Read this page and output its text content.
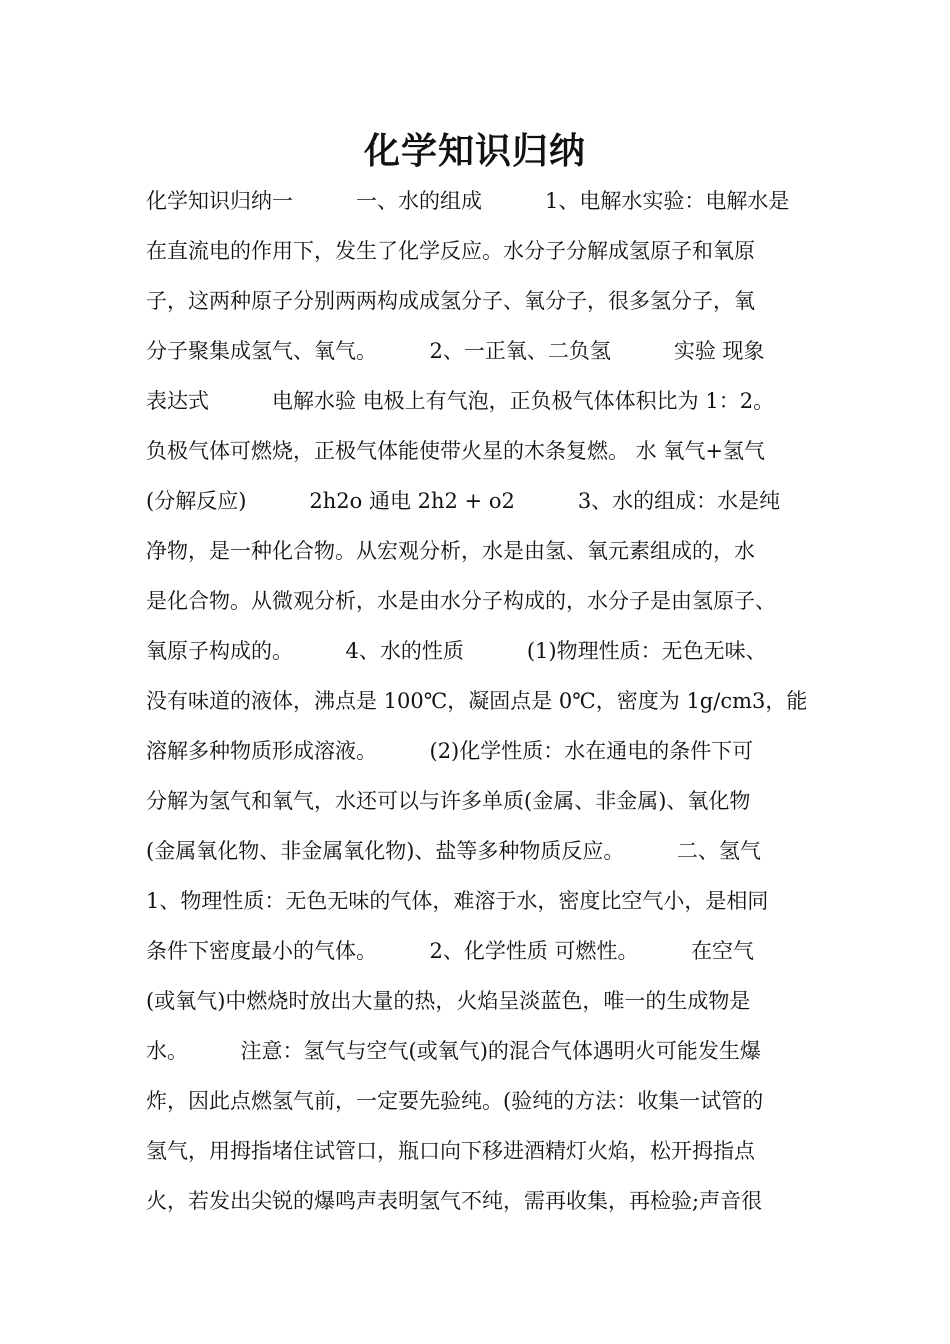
化学知识归纳
化学知识归纳一　　　一、水的组成　　　1、电解水实验：电解水是
在直流电的作用下，发生了化学反应。水分子分解成氢原子和氧原
子，这两种原子分别两两构成成氢分子、氧分子，很多氢分子，氧
分子聚集成氢气、氧气。　　　2、一正氧、二负氢　　　实验 现象
表达式　　　电解水验 电极上有气泡，正负极气体体积比为 1：2。
负极气体可燃烧，正极气体能使带火星的木条复燃。 水 氧气+氢气
(分解反应)　　　2h2o 通电 2h2 + o2　　　3、水的组成：水是纯
净物，是一种化合物。从宏观分析，水是由氢、氧元素组成的，水
是化合物。从微观分析，水是由水分子构成的，水分子是由氢原子、
氧原子构成的。　　　4、水的性质　　　(1)物理性质：无色无味、
没有味道的液体，沸点是 100℃，凝固点是 0℃，密度为 1g/cm3，能
溶解多种物质形成溶液。　　　(2)化学性质：水在通电的条件下可
分解为氢气和氧气，水还可以与许多单质(金属、非金属)、氧化物
(金属氧化物、非金属氧化物)、盐等多种物质反应。　　　二、氢气
1、物理性质：无色无味的气体，难溶于水，密度比空气小，是相同
条件下密度最小的气体。　　　2、化学性质 可燃性。　　　在空气
(或氧气)中燃烧时放出大量的热，火焰呈淡蓝色，唯一的生成物是
水。　　　注意：氢气与空气(或氧气)的混合气体遇明火可能发生爆
炸，因此点燃氢气前，一定要先验纯。(验纯的方法：收集一试管的
氢气，用拇指堵住试管口，瓶口向下移进酒精灯火焰，松开拇指点
火，若发出尖锐的爆鸣声表明氢气不纯，需再收集，再检验;声音很
